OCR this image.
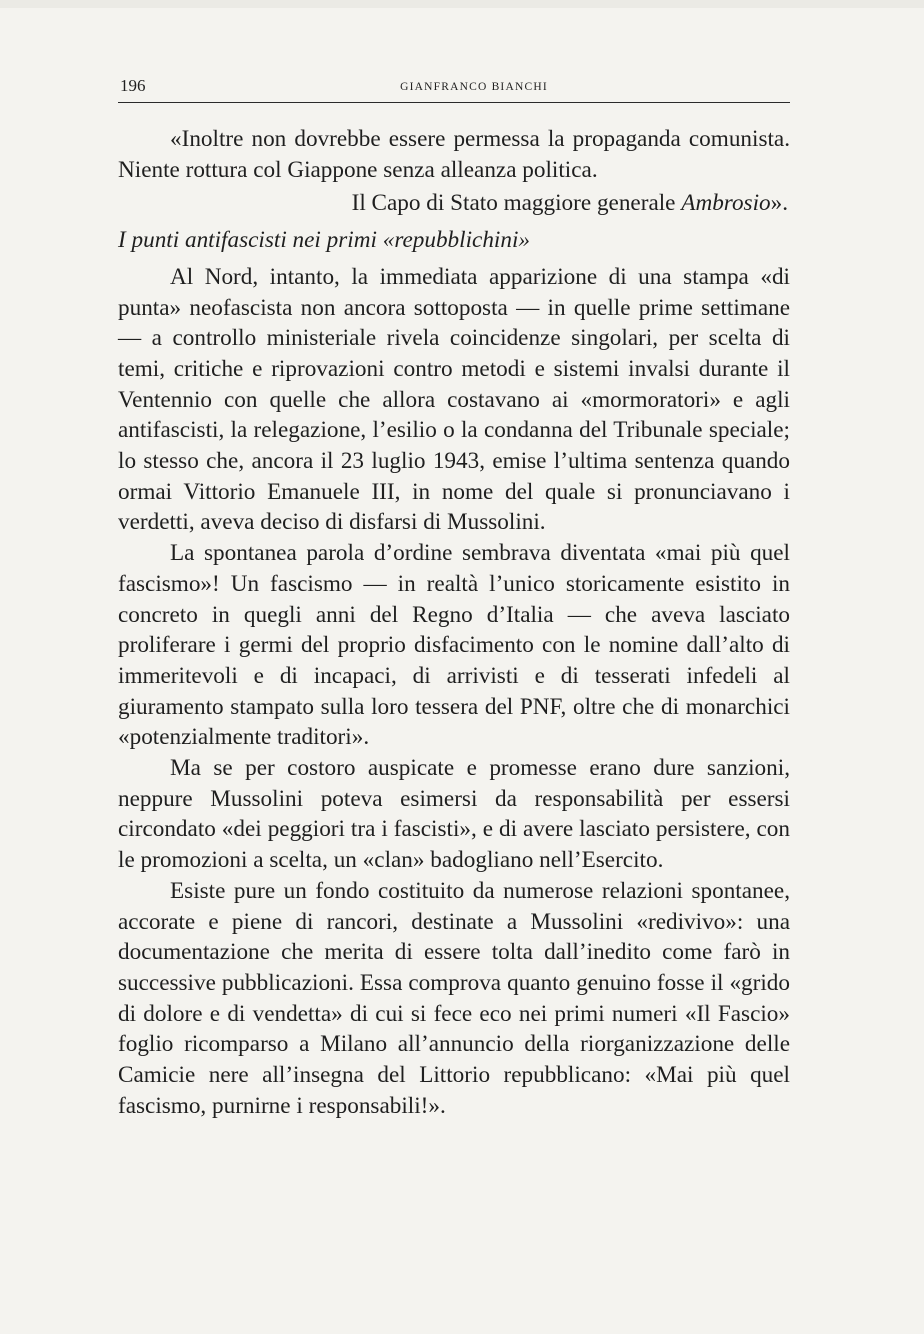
196	GIANFRANCO BIANCHI

«Inoltre non dovrebbe essere permessa la propaganda comunista. Niente rottura col Giappone senza alleanza politica.

Il Capo di Stato maggiore generale Ambrosio».

I punti antifascisti nei primi «repubblichini»

Al Nord, intanto, la immediata apparizione di una stampa «di punta» neofascista non ancora sottoposta — in quelle prime settimane — a controllo ministeriale rivela coincidenze singolari, per scelta di temi, critiche e riprovazioni contro metodi e sistemi invalsi durante il Ventennio con quelle che allora costavano ai «mormoratori» e agli antifascisti, la relegazione, l’esilio o la condanna del Tribunale speciale; lo stesso che, ancora il 23 luglio 1943, emise l’ultima sentenza quando ormai Vittorio Emanuele III, in nome del quale si pronunciavano i verdetti, aveva deciso di disfarsi di Mussolini.

La spontanea parola d’ordine sembrava diventata «mai più quel fascismo»! Un fascismo — in realtà l’unico storicamente esistito in concreto in quegli anni del Regno d’Italia — che aveva lasciato proliferare i germi del proprio disfacimento con le nomine dall’alto di immeritevoli e di incapaci, di arrivisti e di tesserati infedeli al giuramento stampato sulla loro tessera del PNF, oltre che di monarchici «potenzialmente traditori».

Ma se per costoro auspicate e promesse erano dure sanzioni, neppure Mussolini poteva esimersi da responsabilità per essersi circondato «dei peggiori tra i fascisti», e di avere lasciato persistere, con le promozioni a scelta, un «clan» badogliano nell’Esercito.

Esiste pure un fondo costituito da numerose relazioni spontanee, accorate e piene di rancori, destinate a Mussolini «redivivo»: una documentazione che merita di essere tolta dall’inedito come farò in successive pubblicazioni. Essa comprova quanto genuino fosse il «grido di dolore e di vendetta» di cui si fece eco nei primi numeri «Il Fascio» foglio ricomparso a Milano all’annuncio della riorganizzazione delle Camicie nere all’insegna del Littorio repubblicano: «Mai più quel fascismo, purnirne i responsabili!».
